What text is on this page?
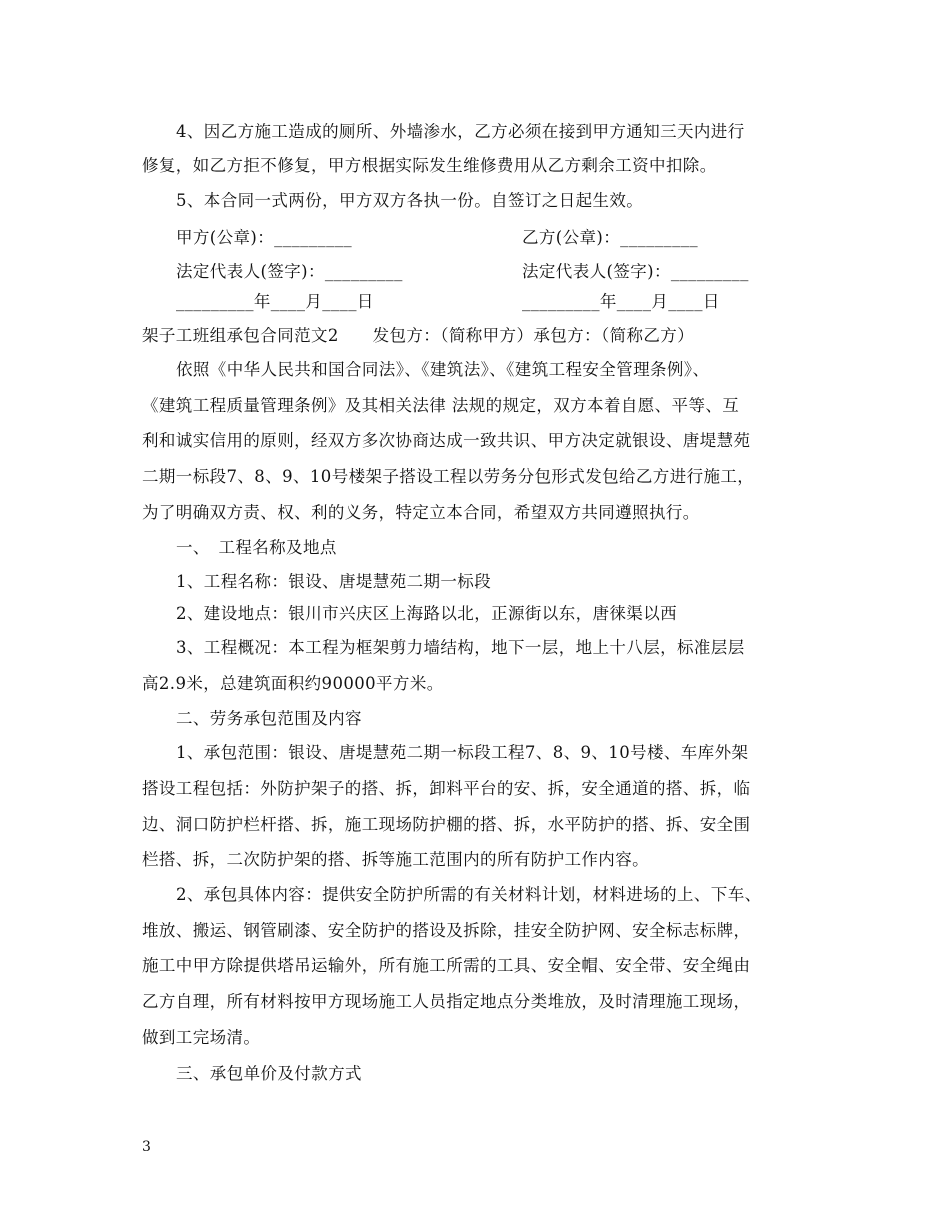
4、因乙方施工造成的厕所、外墙渗水，乙方必须在接到甲方通知三天内进行
修复，如乙方拒不修复，甲方根据实际发生维修费用从乙方剩余工资中扣除。
5、本合同一式两份，甲方双方各执一份。自签订之日起生效。
甲方(公章)：_________	乙方(公章)：_________
法定代表人(签字)：_________	法定代表人(签字)：_________
_________年____月____日	_________年____月____日
架子工班组承包合同范文2　　发包方：（简称甲方）承包方：（简称乙方）
依照《中华人民共和国合同法》、《建筑法》、《建筑工程安全管理条例》、
《建筑工程质量管理条例》及其相关法律 法规的规定，双方本着自愿、平等、互
利和诚实信用的原则，经双方多次协商达成一致共识、甲方决定就银设、唐堤慧苑
二期一标段7、8、9、10号楼架子搭设工程以劳务分包形式发包给乙方进行施工，
为了明确双方责、权、利的义务，特定立本合同，希望双方共同遵照执行。
一、　工程名称及地点
1、工程名称：银设、唐堤慧苑二期一标段
2、建设地点：银川市兴庆区上海路以北，正源街以东，唐徕渠以西
3、工程概况：本工程为框架剪力墙结构，地下一层，地上十八层，标准层层
高2.9米，总建筑面积约90000平方米。
二、劳务承包范围及内容
1、承包范围：银设、唐堤慧苑二期一标段工程7、8、9、10号楼、车库外架
搭设工程包括：外防护架子的搭、拆，卸料平台的安、拆，安全通道的搭、拆，临
边、洞口防护栏杆搭、拆，施工现场防护棚的搭、拆，水平防护的搭、拆、安全围
栏搭、拆，二次防护架的搭、拆等施工范围内的所有防护工作内容。
2、承包具体内容：提供安全防护所需的有关材料计划，材料进场的上、下车、
堆放、搬运、钢管刷漆、安全防护的搭设及拆除，挂安全防护网、安全标志标牌，
施工中甲方除提供塔吊运输外，所有施工所需的工具、安全帽、安全带、安全绳由
乙方自理，所有材料按甲方现场施工人员指定地点分类堆放，及时清理施工现场，
做到工完场清。
三、承包单价及付款方式
3
